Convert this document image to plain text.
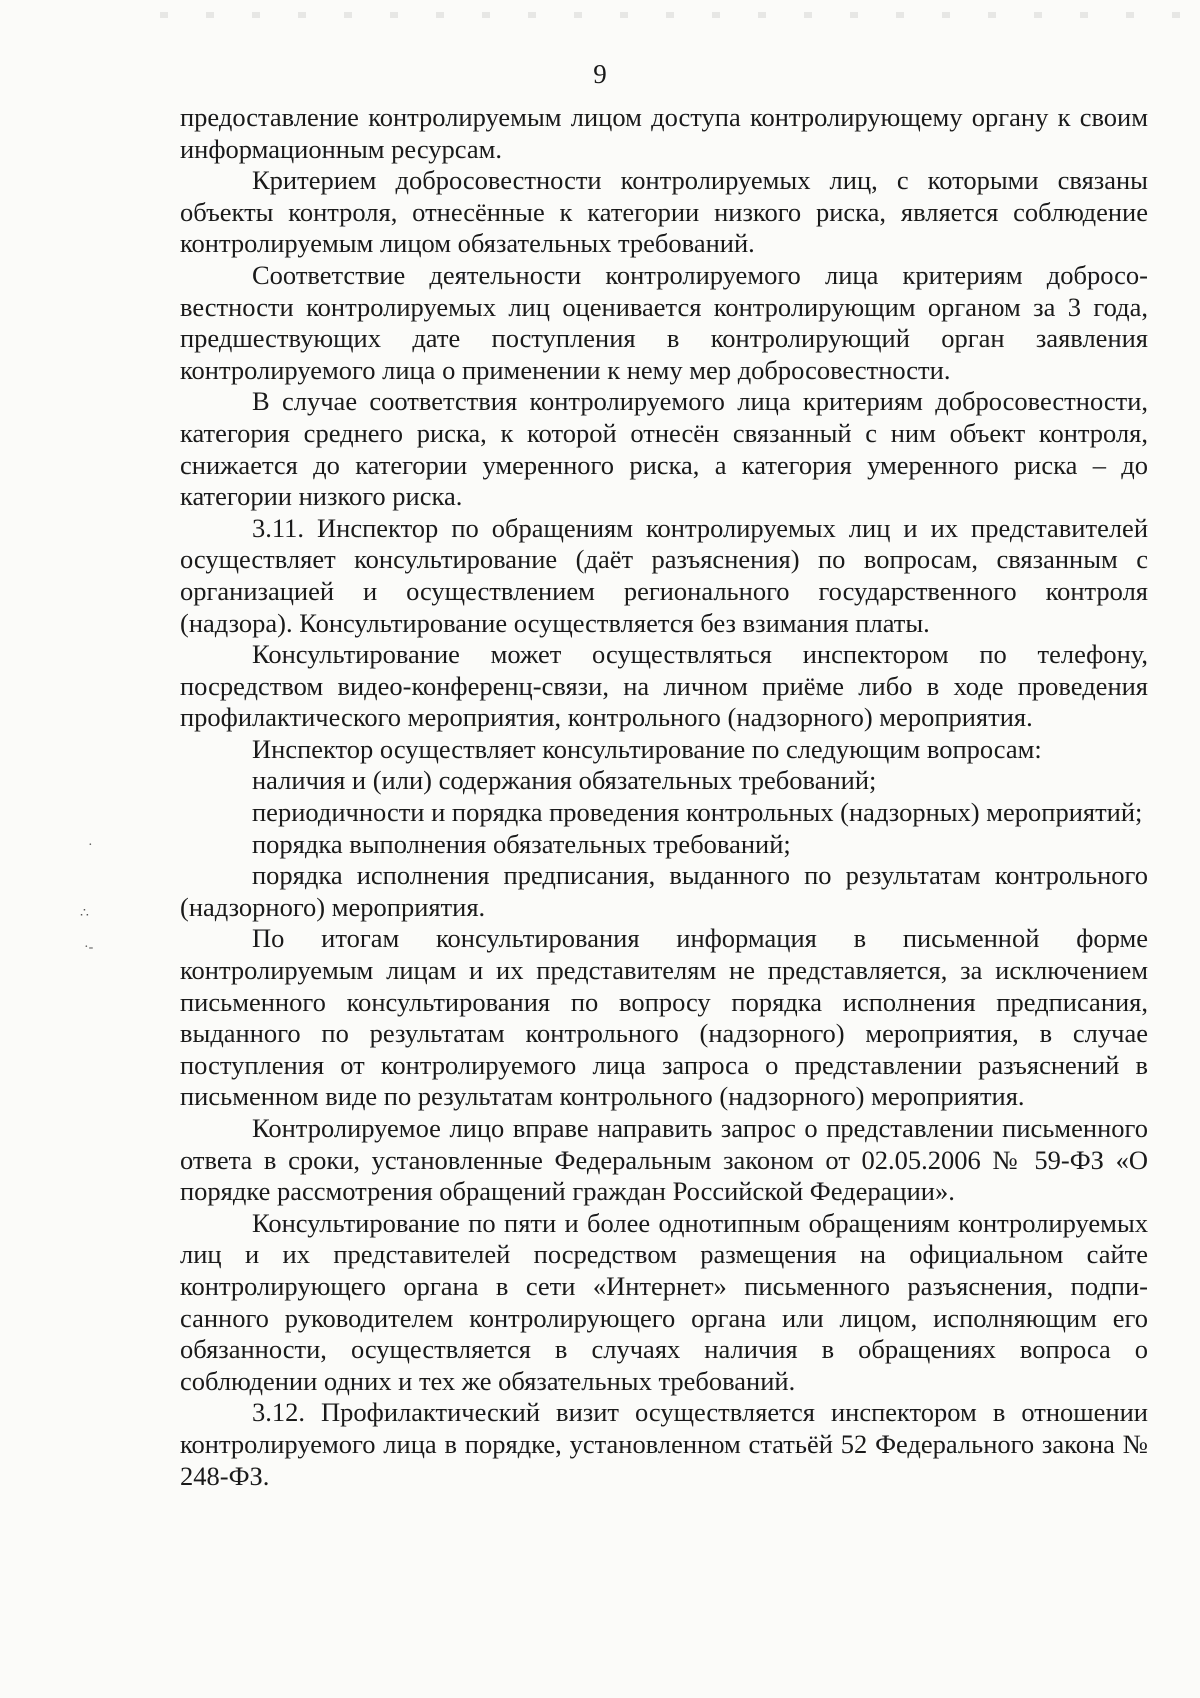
9

предоставление контролируемым лицом доступа контролирующему органу к своим информационным ресурсам.

Критерием добросовестности контролируемых лиц, с которыми связаны объекты контроля, отнесённые к категории низкого риска, является соблюдение контролируемым лицом обязательных требований.

Соответствие деятельности контролируемого лица критериям добросовестности контролируемых лиц оценивается контролирующим органом за 3 года, предшествующих дате поступления в контролирующий орган заявления контролируемого лица о применении к нему мер добросовестности.

В случае соответствия контролируемого лица критериям добросовестности, категория среднего риска, к которой отнесён связанный с ним объект контроля, снижается до категории умеренного риска, а категория умеренного риска – до категории низкого риска.

3.11. Инспектор по обращениям контролируемых лиц и их представителей осуществляет консультирование (даёт разъяснения) по вопросам, связанным с организацией и осуществлением регионального государственного контроля (надзора). Консультирование осуществляется без взимания платы.

Консультирование может осуществляться инспектором по телефону, посредством видео-конференц-связи, на личном приёме либо в ходе проведения профилактического мероприятия, контрольного (надзорного) мероприятия.

Инспектор осуществляет консультирование по следующим вопросам:

наличия и (или) содержания обязательных требований;

периодичности и порядка проведения контрольных (надзорных) мероприятий;

порядка выполнения обязательных требований;

порядка исполнения предписания, выданного по результатам контрольного (надзорного) мероприятия.

По итогам консультирования информация в письменной форме контролируемым лицам и их представителям не представляется, за исключением письменного консультирования по вопросу порядка исполнения предписания, выданного по результатам контрольного (надзорного) мероприятия, в случае поступления от контролируемого лица запроса о представлении разъяснений в письменном виде по результатам контрольного (надзорного) мероприятия.

Контролируемое лицо вправе направить запрос о представлении письменного ответа в сроки, установленные Федеральным законом от 02.05.2006 № 59-ФЗ «О порядке рассмотрения обращений граждан Российской Федерации».

Консультирование по пяти и более однотипным обращениям контролируемых лиц и их представителей посредством размещения на официальном сайте контролирующего органа в сети «Интернет» письменного разъяснения, подписанного руководителем контролирующего органа или лицом, исполняющим его обязанности, осуществляется в случаях наличия в обращениях вопроса о соблюдении одних и тех же обязательных требований.

3.12. Профилактический визит осуществляется инспектором в отношении контролируемого лица в порядке, установленном статьёй 52 Федерального закона № 248-ФЗ.

·
∴
·-
